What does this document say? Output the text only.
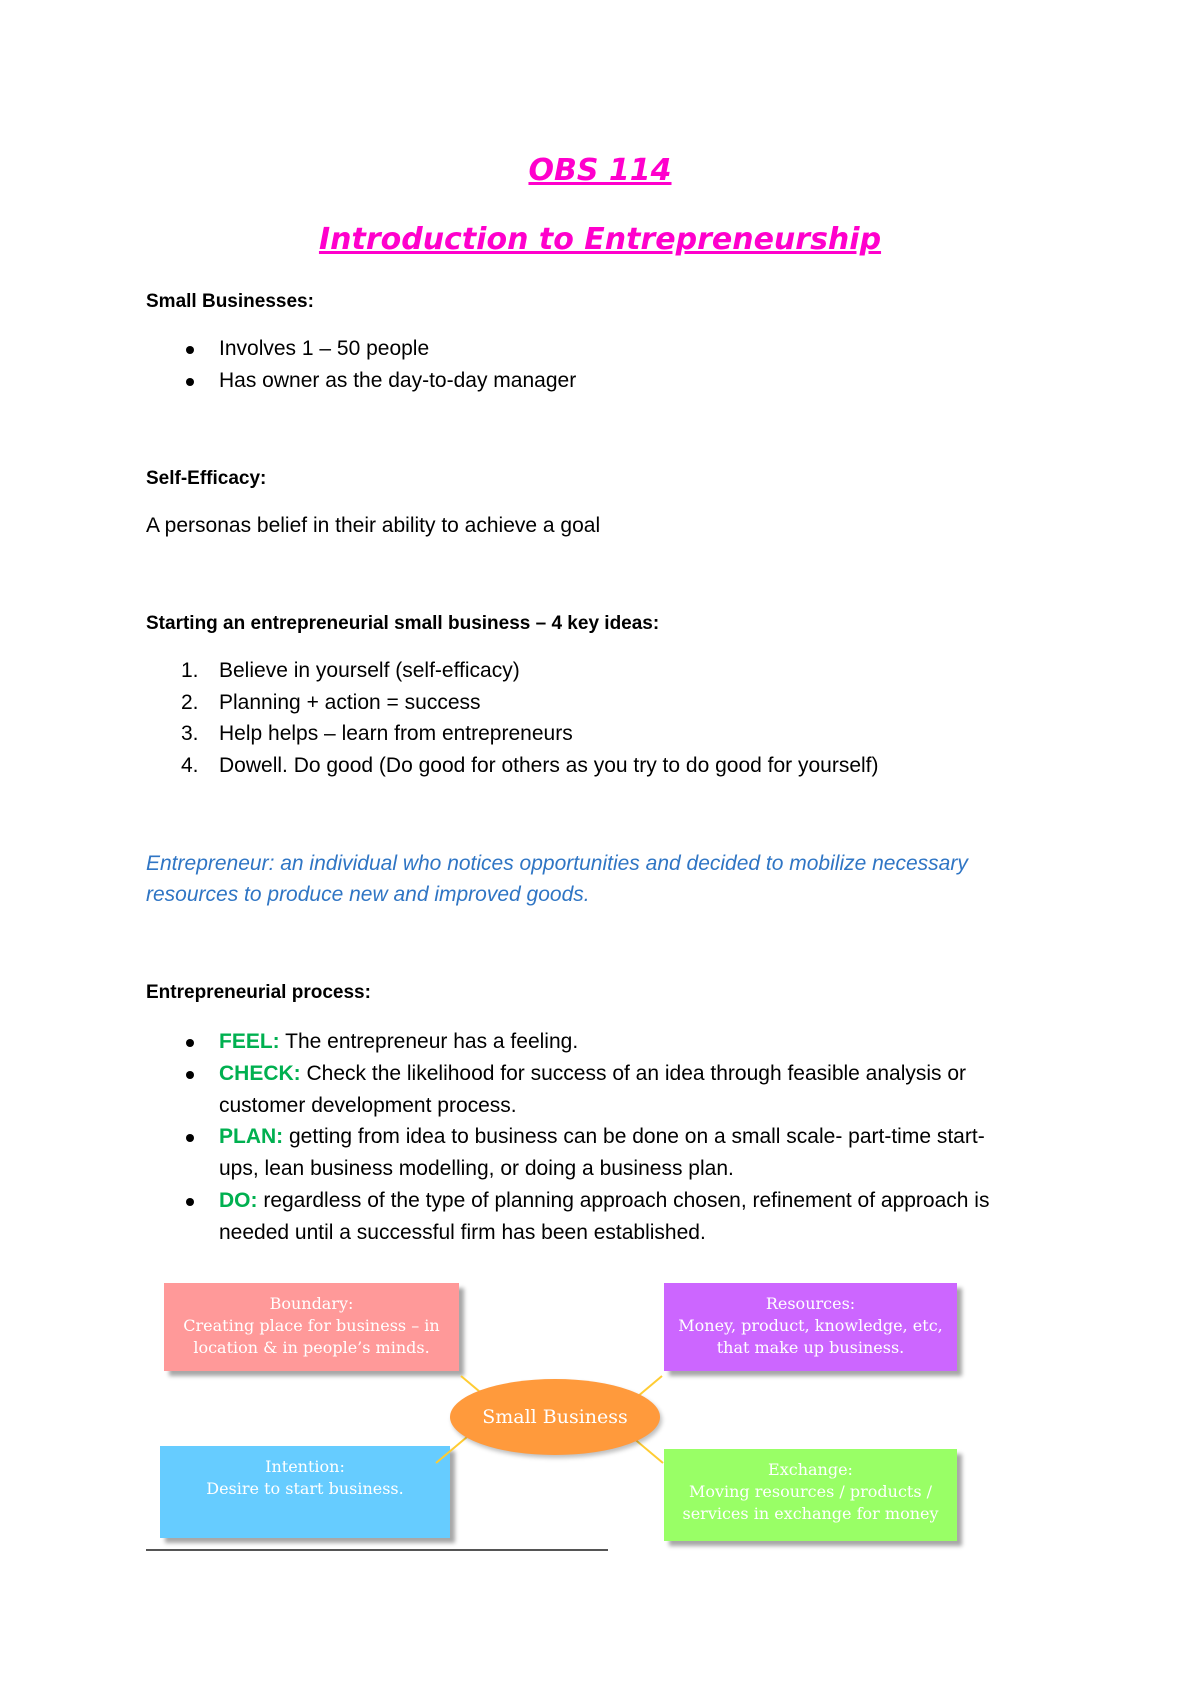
OBS 114
Introduction to Entrepreneurship
Small Businesses:
Involves 1 – 50 people
Has owner as the day-to-day manager
Self-Efficacy:
A personas belief in their ability to achieve a goal
Starting an entrepreneurial small business – 4 key ideas:
1. Believe in yourself (self-efficacy)
2. Planning + action = success
3. Help helps – learn from entrepreneurs
4. Dowell. Do good (Do good for others as you try to do good for yourself)
Entrepreneur: an individual who notices opportunities and decided to mobilize necessary
resources to produce new and improved goods.
Entrepreneurial process:
FEEL: The entrepreneur has a feeling.
CHECK: Check the likelihood for success of an idea through feasible analysis or
customer development process.
PLAN: getting from idea to business can be done on a small scale- part-time start-
ups, lean business modelling, or doing a business plan.
DO: regardless of the type of planning approach chosen, refinement of approach is
needed until a successful firm has been established.
Boundary:
Creating place for business – in
location & in people’s minds.
Resources:
Money, product, knowledge, etc,
that make up business.
Intention:
Desire to start business.
Exchange:
Moving resources / products /
services in exchange for money
Small Business
